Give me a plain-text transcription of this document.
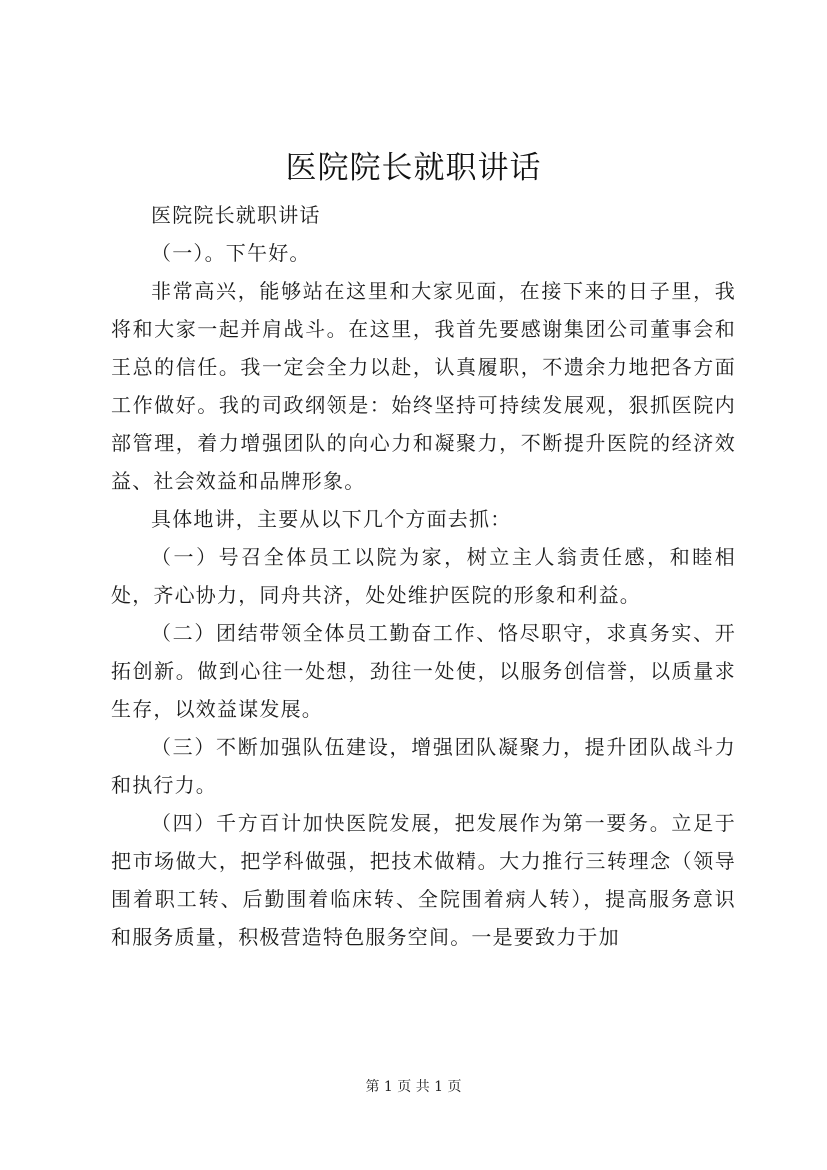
医院院长就职讲话

医院院长就职讲话

（一）。下午好。

非常高兴，能够站在这里和大家见面，在接下来的日子里，我将和大家一起并肩战斗。在这里，我首先要感谢集团公司董事会和王总的信任。我一定会全力以赴，认真履职，不遗余力地把各方面工作做好。我的司政纲领是：始终坚持可持续发展观，狠抓医院内部管理，着力增强团队的向心力和凝聚力，不断提升医院的经济效益、社会效益和品牌形象。

具体地讲，主要从以下几个方面去抓：

（一）号召全体员工以院为家，树立主人翁责任感，和睦相处，齐心协力，同舟共济，处处维护医院的形象和利益。

（二）团结带领全体员工勤奋工作、恪尽职守，求真务实、开拓创新。做到心往一处想，劲往一处使，以服务创信誉，以质量求生存，以效益谋发展。

（三）不断加强队伍建设，增强团队凝聚力，提升团队战斗力和执行力。

（四）千方百计加快医院发展，把发展作为第一要务。立足于把市场做大，把学科做强，把技术做精。大力推行三转理念（领导围着职工转、后勤围着临床转、全院围着病人转），提高服务意识和服务质量，积极营造特色服务空间。一是要致力于加

第 1 页 共 1 页
